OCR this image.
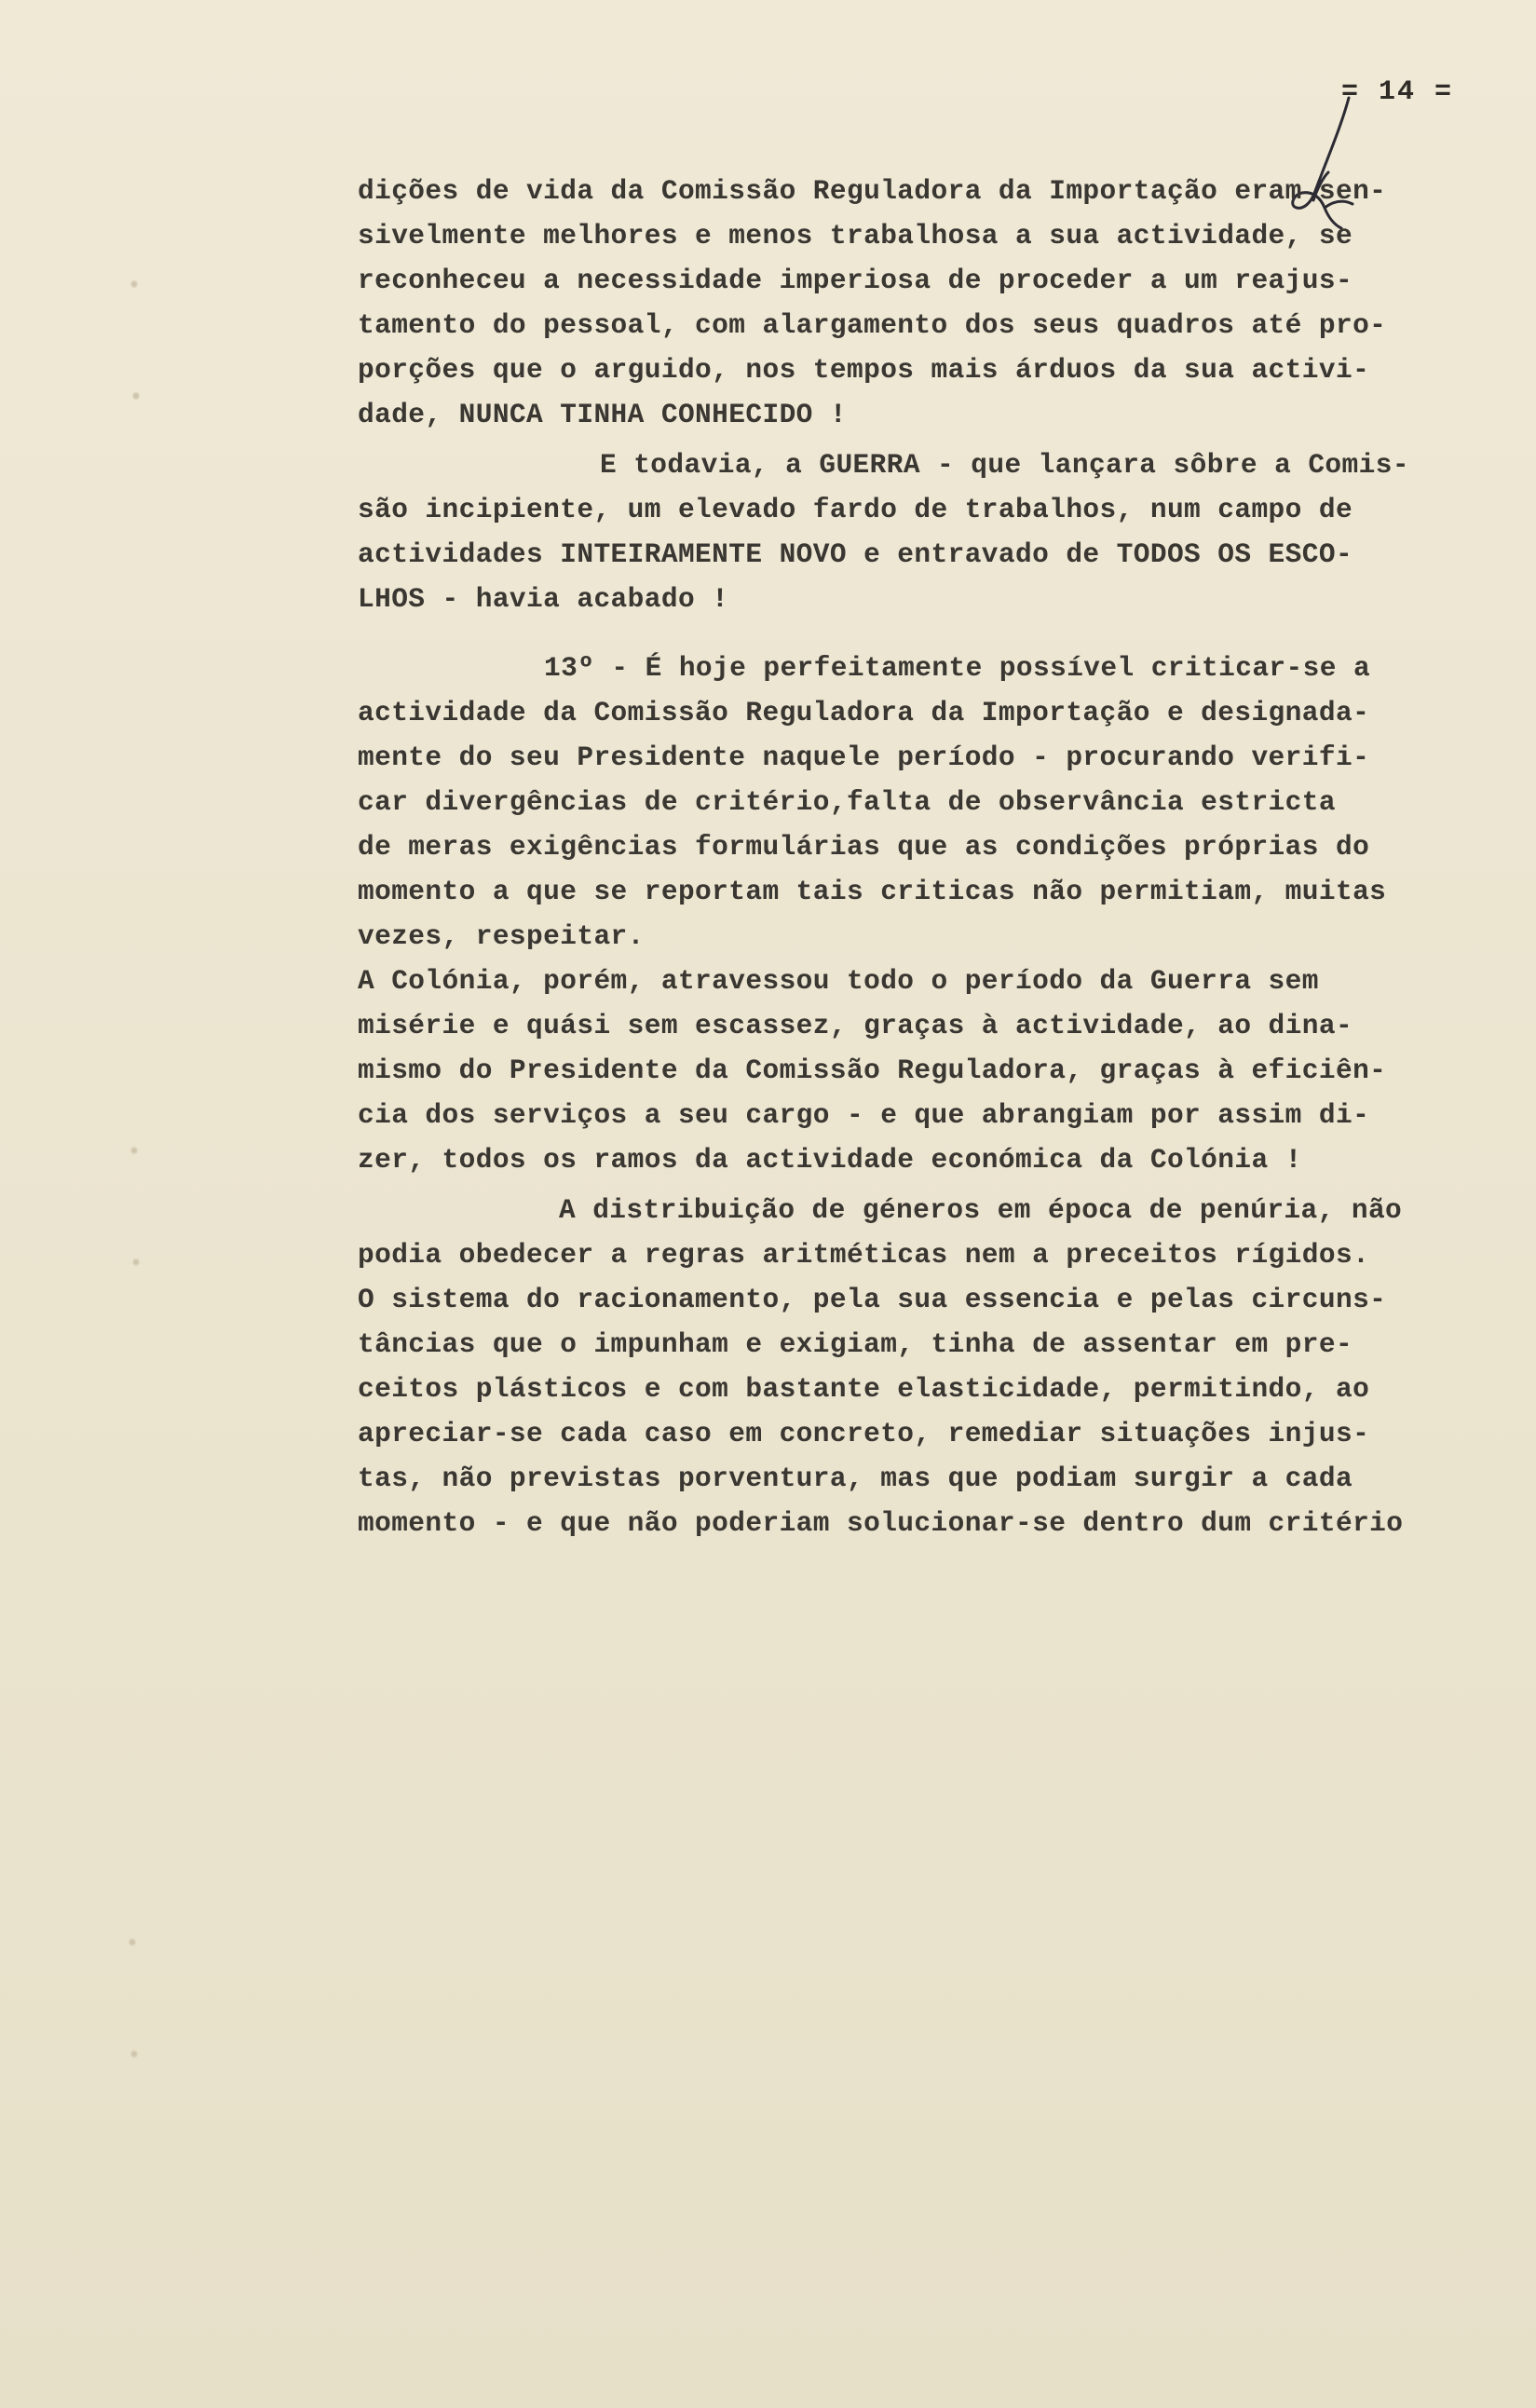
= 14 =
dições de vida da Comissão Reguladora da Importação eram sen-
sivelmente melhores e menos trabalhosa a sua actividade, se
reconheceu a necessidade imperiosa de proceder a um reajus-
tamento do pessoal, com alargamento dos seus quadros até pro-
porções que o arguido, nos tempos mais árduos da sua activi-
dade, NUNCA TINHA CONHECIDO !
E todavia, a GUERRA - que lançara sôbre a Comis-
são incipiente, um elevado fardo de trabalhos, num campo de
actividades INTEIRAMENTE NOVO e entravado de TODOS OS ESCO-
LHOS - havia acabado !
13º - É hoje perfeitamente possível criticar-se a
actividade da Comissão Reguladora da Importação e designada-
mente do seu Presidente naquele período - procurando verifi-
car divergências de critério,falta de observância estricta
de meras exigências formulárias que as condições próprias do
momento a que se reportam tais criticas não permitiam, muitas
vezes, respeitar.
A Colónia, porém, atravessou todo o período da Guerra sem
misérie e quási sem escassez, graças à actividade, ao dina-
mismo do Presidente da Comissão Reguladora, graças à eficiên-
cia dos serviços a seu cargo - e que abrangiam por assim di-
zer, todos os ramos da actividade económica da Colónia !
A distribuição de géneros em época de penúria, não
podia obedecer a regras aritméticas nem a preceitos rígidos.
O sistema do racionamento, pela sua essencia e pelas circuns-
tâncias que o impunham e exigiam, tinha de assentar em pre-
ceitos plásticos e com bastante elasticidade, permitindo, ao
apreciar-se cada caso em concreto, remediar situações injus-
tas, não previstas porventura, mas que podiam surgir a cada
momento - e que não poderiam solucionar-se dentro dum critério
